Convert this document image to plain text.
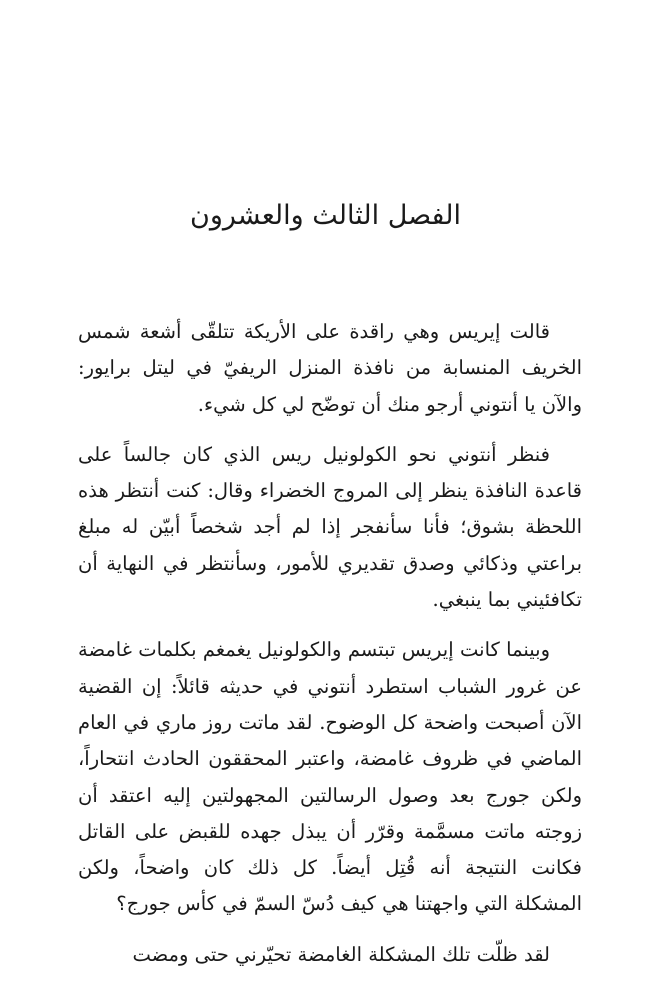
الفصل الثالث والعشرون

قالت إيريس وهي راقدة على الأريكة تتلقّى أشعة شمس الخريف المنسابة من نافذة المنزل الريفيّ في ليتل برايور: والآن يا أنتوني أرجو منك أن توضّح لي كل شيء.

فنظر أنتوني نحو الكولونيل ريس الذي كان جالساً على قاعدة النافذة ينظر إلى المروج الخضراء وقال: كنت أنتظر هذه اللحظة بشوق؛ فأنا سأنفجر إذا لم أجد شخصاً أبيّن له مبلغ براعتي وذكائي وصدق تقديري للأمور، وسأنتظر في النهاية أن تكافئيني بما ينبغي.

وبينما كانت إيريس تبتسم والكولونيل يغمغم بكلمات غامضة عن غرور الشباب استطرد أنتوني في حديثه قائلاً: إن القضية الآن أصبحت واضحة كل الوضوح. لقد ماتت روز ماري في العام الماضي في ظروف غامضة، واعتبر المحققون الحادث انتحاراً، ولكن جورج بعد وصول الرسالتين المجهولتين إليه اعتقد أن زوجته ماتت مسمَّمة وقرّر أن يبذل جهده للقبض على القاتل فكانت النتيجة أنه قُتِل أيضاً. كل ذلك كان واضحاً، ولكن المشكلة التي واجهتنا هي كيف دُسّ السمّ في كأس جورج؟

لقد ظلّت تلك المشكلة الغامضة تحيّرني حتى ومضت
